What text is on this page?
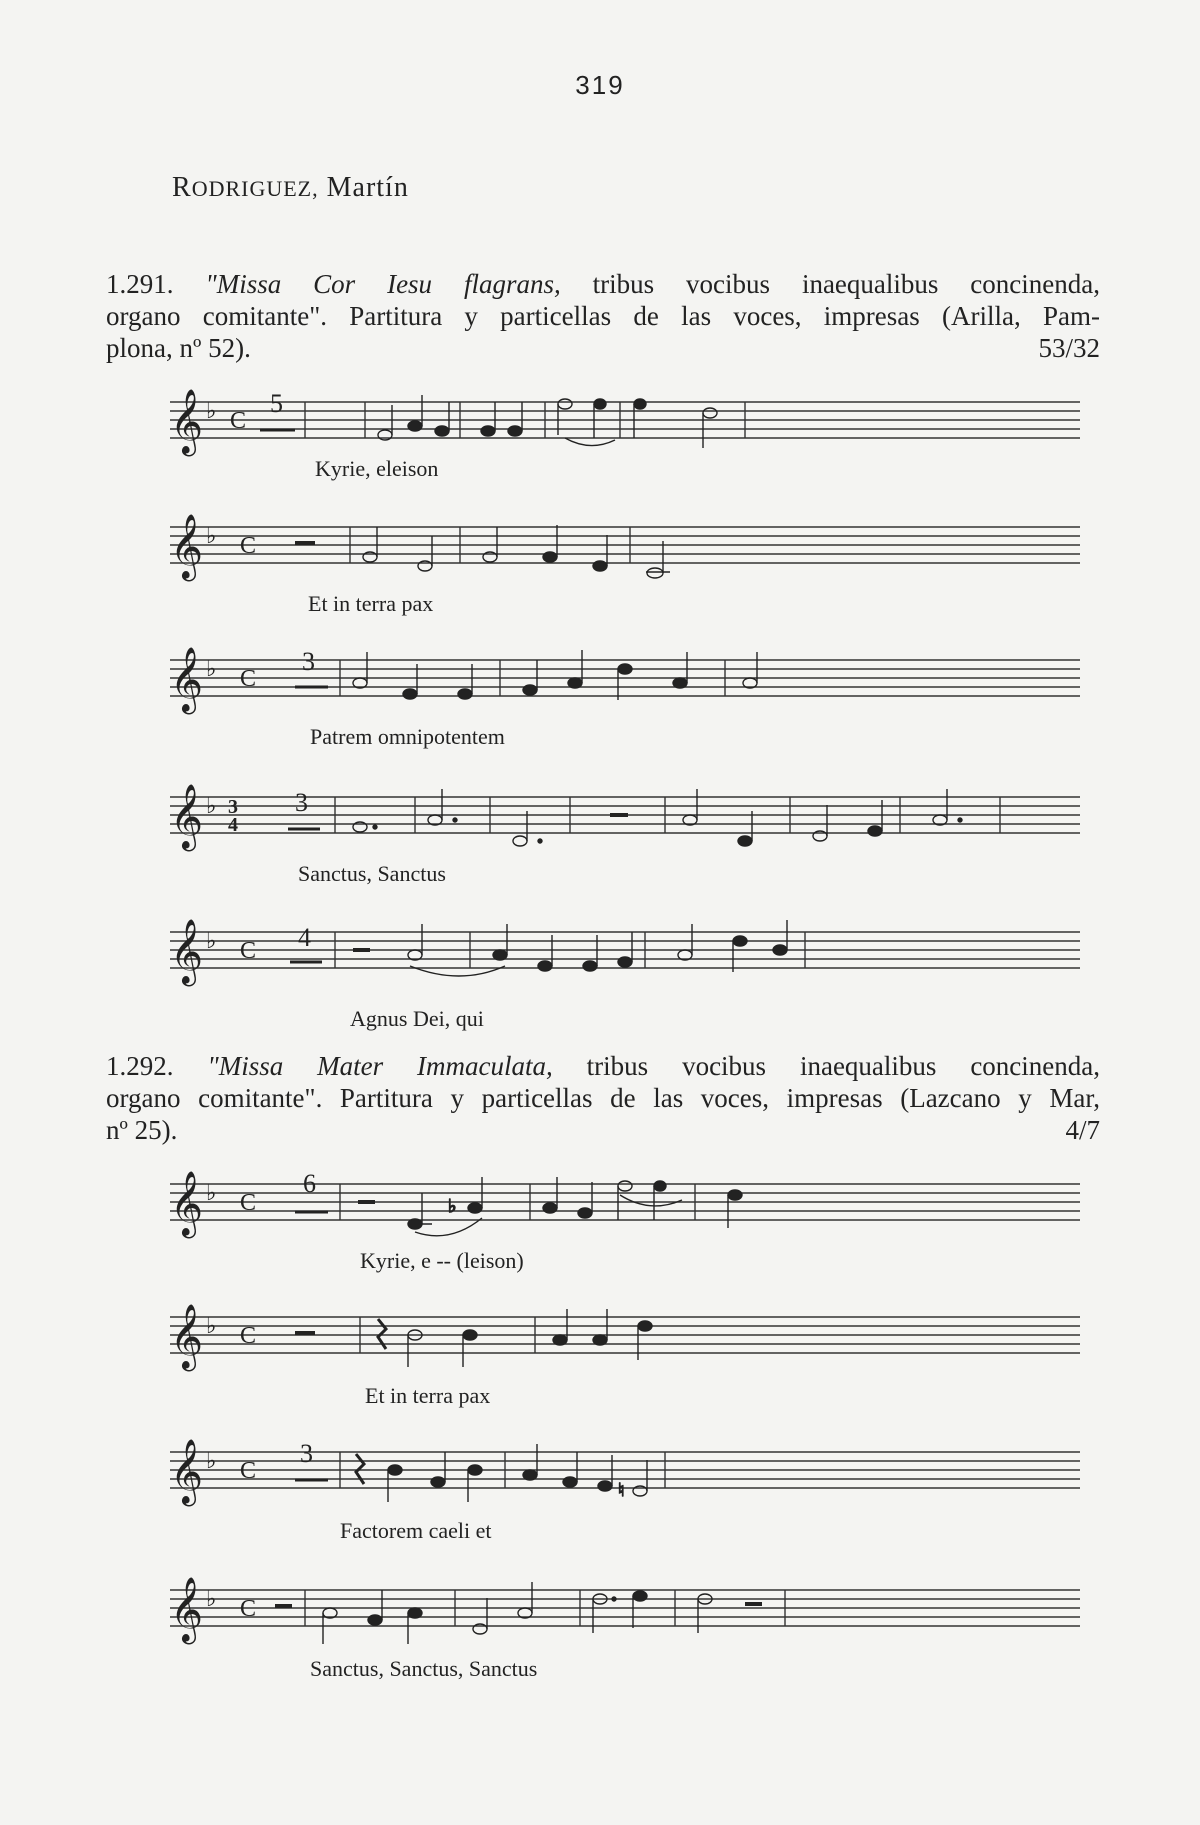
319
RODRIGUEZ, Martín
1.291. "Missa Cor Iesu flagrans, tribus vocibus inaequalibus concinenda,
organo comitante". Partitura y particellas de las voces, impresas (Arilla, Pam-
plona, nº 52).	53/32
𝄞 ♭ C
5
Kyrie, eleison
𝄞 ♭ C
Et in terra pax
𝄞 ♭ C
3
Patrem omnipotentem
𝄞 ♭ 3
4
3
Sanctus, Sanctus
𝄞 ♭ C 4
Agnus Dei, qui
1.292. "Missa Mater Immaculata, tribus vocibus inaequalibus concinenda,
organo comitante". Partitura y particellas de las voces, impresas (Lazcano y Mar,
nº 25).	4/7
𝄞 ♭ C
6
♭
Kyrie, e -- (leison)
𝄞 ♭ C
Et in terra pax
𝄞 ♭ C
3
♮
Factorem caeli et
𝄞 ♭ C
Sanctus, Sanctus, Sanctus
